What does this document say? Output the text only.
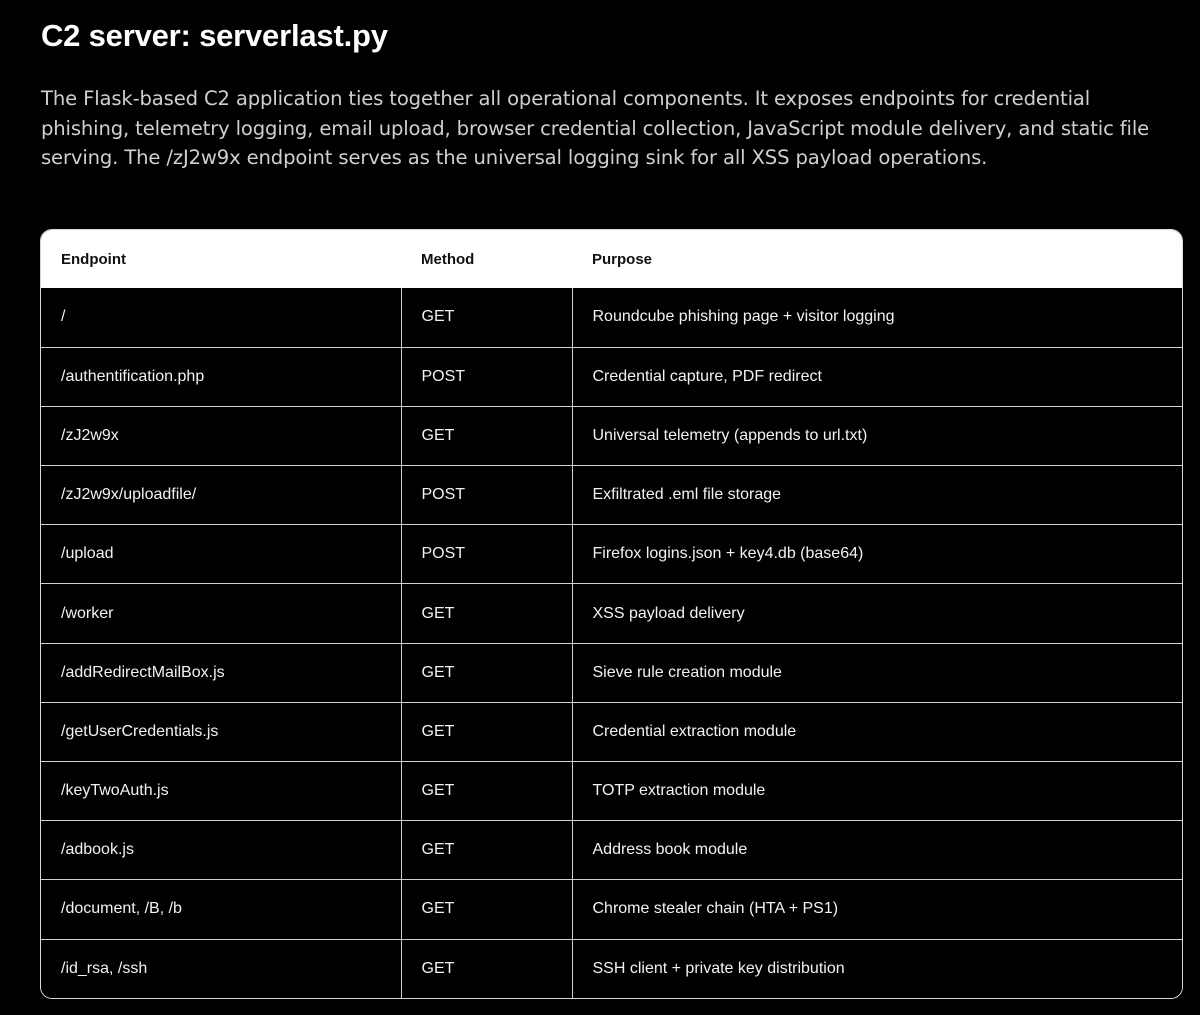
C2 server: serverlast.py

The Flask-based C2 application ties together all operational components. It exposes endpoints for credential phishing, telemetry logging, email upload, browser credential collection, JavaScript module delivery, and static file serving. The /zJ2w9x endpoint serves as the universal logging sink for all XSS payload operations.

Endpoint	Method	Purpose
/	GET	Roundcube phishing page + visitor logging
/authentification.php	POST	Credential capture, PDF redirect
/zJ2w9x	GET	Universal telemetry (appends to url.txt)
/zJ2w9x/uploadfile/	POST	Exfiltrated .eml file storage
/upload	POST	Firefox logins.json + key4.db (base64)
/worker	GET	XSS payload delivery
/addRedirectMailBox.js	GET	Sieve rule creation module
/getUserCredentials.js	GET	Credential extraction module
/keyTwoAuth.js	GET	TOTP extraction module
/adbook.js	GET	Address book module
/document, /B, /b	GET	Chrome stealer chain (HTA + PS1)
/id_rsa, /ssh	GET	SSH client + private key distribution
